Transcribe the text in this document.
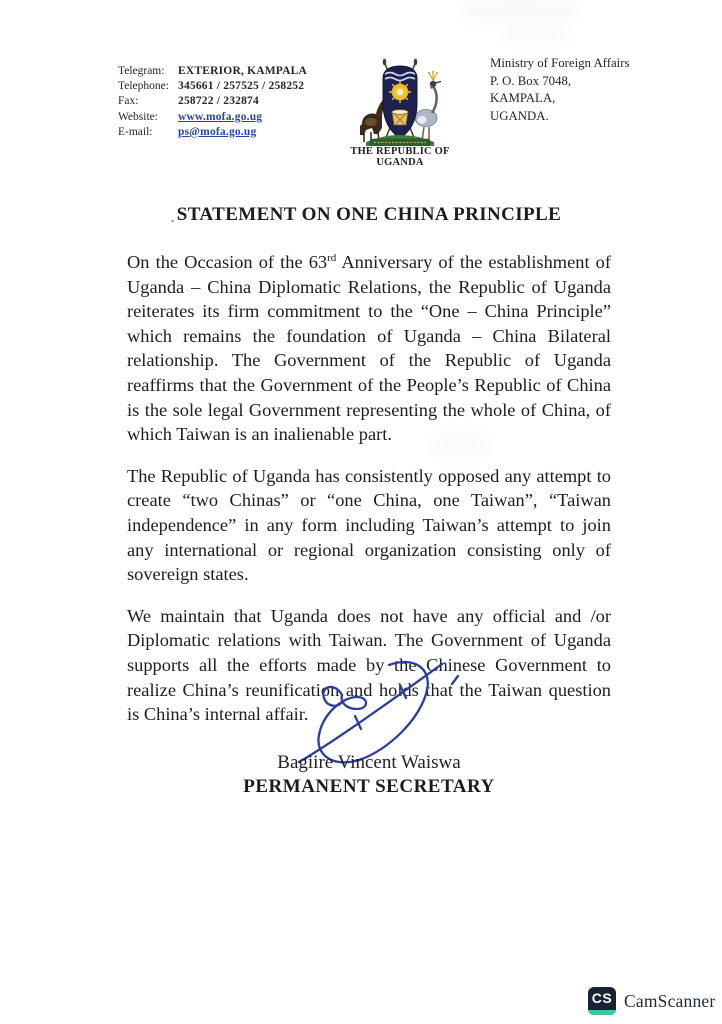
Telegram:	EXTERIOR, KAMPALA
Telephone: 345661 / 257525 / 258252
Fax:	258722 / 232874
Website:	www.mofa.go.ug
E-mail:	ps@mofa.go.ug
THE REPUBLIC OF UGANDA
Ministry of Foreign Affairs
P. O. Box 7048,
KAMPALA,
UGANDA.
STATEMENT ON ONE CHINA PRINCIPLE

On the Occasion of the 63rd Anniversary of the establishment of Uganda – China Diplomatic Relations, the Republic of Uganda reiterates its firm commitment to the “One – China Principle” which remains the foundation of Uganda – China Bilateral relationship. The Government of the Republic of Uganda reaffirms that the Government of the People’s Republic of China is the sole legal Government representing the whole of China, of which Taiwan is an inalienable part.

The Republic of Uganda has consistently opposed any attempt to create “two Chinas” or “one China, one Taiwan”, “Taiwan independence” in any form including Taiwan’s attempt to join any international or regional organization consisting only of sovereign states.

We maintain that Uganda does not have any official and /or Diplomatic relations with Taiwan. The Government of Uganda supports all the efforts made by the Chinese Government to realize China’s reunification and holds that the Taiwan question is China’s internal affair.

Bagiire Vincent Waiswa
PERMANENT SECRETARY
CS CamScanner
